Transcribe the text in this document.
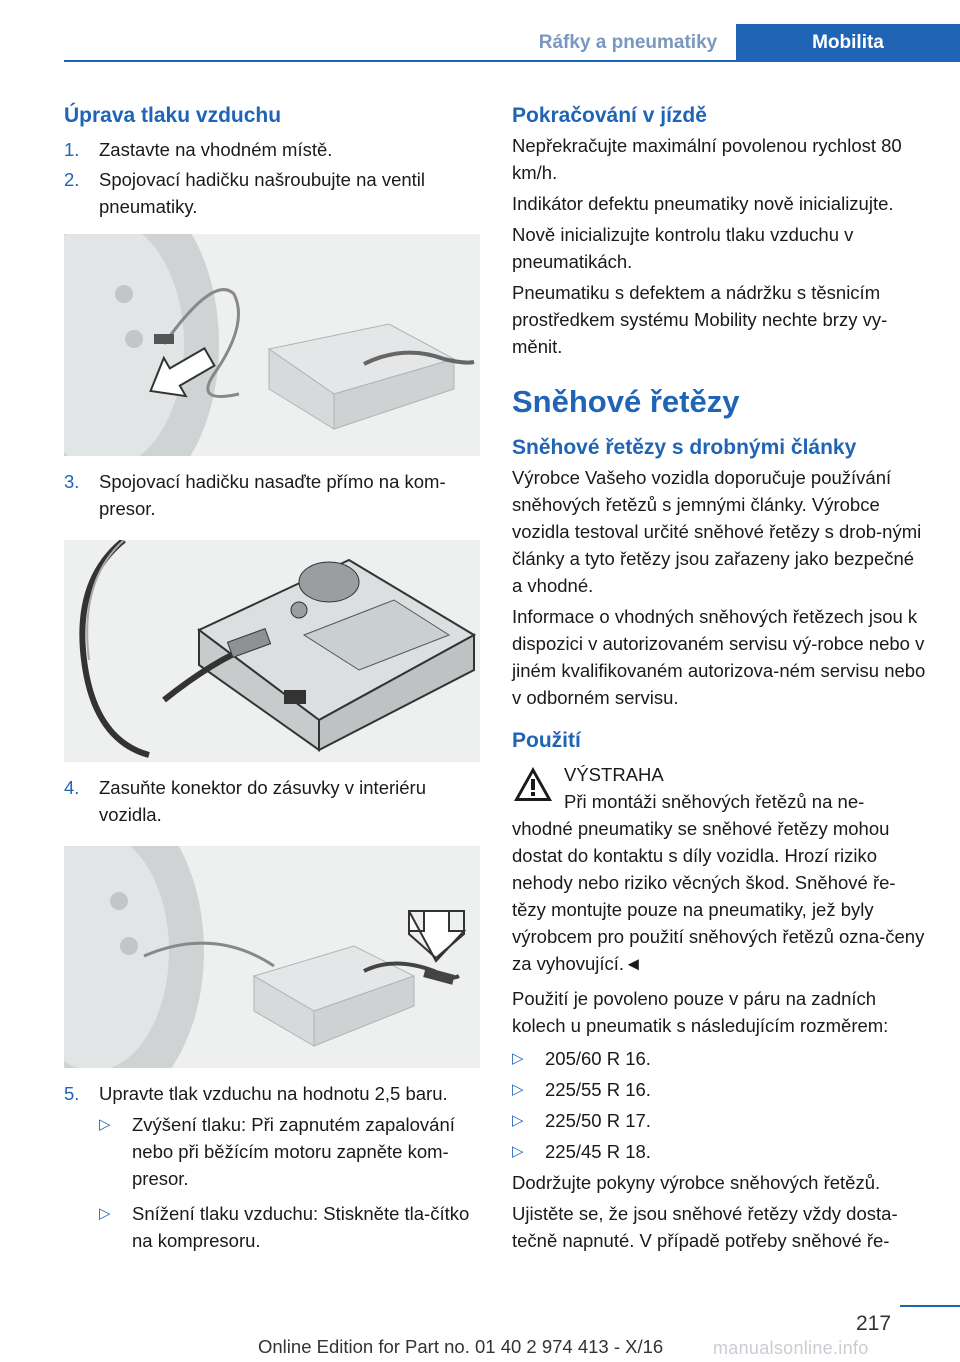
Ráfky a pneumatiky	Mobilita
Úprava tlaku vzduchu
1.	Zastavte na vhodném místě.
2.	Spojovací hadičku našroubujte na ventil pneumatiky.
3.	Spojovací hadičku nasaďte přímo na kom‐presor.
4.	Zasuňte konektor do zásuvky v interiéru vozidla.
5.	Upravte tlak vzduchu na hodnotu 2,5 baru.
▷	Zvýšení tlaku: Při zapnutém zapalování nebo při běžícím motoru zapněte kom‐presor.
▷	Snížení tlaku vzduchu: Stiskněte tla‐čítko na kompresoru.
Pokračování v jízdě

Nepřekračujte maximální povolenou rychlost 80 km/h.

Indikátor defektu pneumatiky nově inicializujte.

Nově inicializujte kontrolu tlaku vzduchu v pneumatikách.

Pneumatiku s defektem a nádržku s těsnicím prostředkem systému Mobility nechte brzy vy‐měnit.

Sněhové řetězy
Sněhové řetězy s drobnými články

Výrobce Vašeho vozidla doporučuje používání sněhových řetězů s jemnými články. Výrobce vozidla testoval určité sněhové řetězy s drob‐nými články a tyto řetězy jsou zařazeny jako bezpečné a vhodné.

Informace o vhodných sněhových řetězech jsou k dispozici v autorizovaném servisu vý‐robce nebo v jiném kvalifikovaném autorizova‐ném servisu nebo v odborném servisu.

Použití

VÝSTRAHA

Při montáži sněhových řetězů na ne‐

vhodné pneumatiky se sněhové řetězy mohou dostat do kontaktu s díly vozidla. Hrozí riziko nehody nebo riziko věcných škod. Sněhové ře‐tězy montujte pouze na pneumatiky, jež byly výrobcem pro použití sněhových řetězů ozna‐čeny za vyhovující.◄

Použití je povoleno pouze v páru na zadních kolech u pneumatik s následujícím rozměrem:

▷	205/60 R 16.
▷	225/55 R 16.
▷	225/50 R 17.
▷	225/45 R 18.

Dodržujte pokyny výrobce sněhových řetězů.

Ujistěte se, že jsou sněhové řetězy vždy dosta‐tečně napnuté. V případě potřeby sněhové ře‐

217
Online Edition for Part no. 01 40 2 974 413 - X/16	manualsonline.info
